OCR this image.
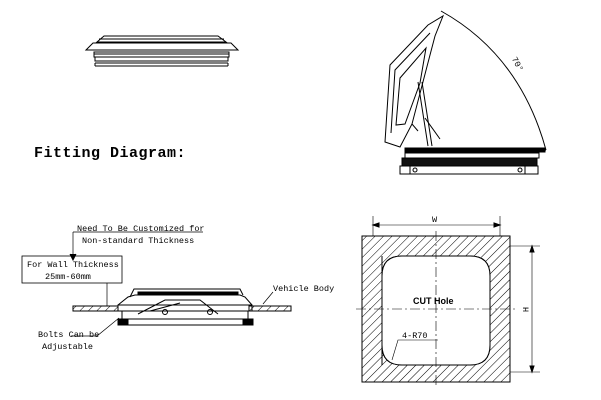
70°
Fitting Diagram:
Need To Be Customized for
Non-standard Thickness
For Wall Thickness
25mm-60mm
Vehicle Body
Bolts Can be
Adjustable
CUT Hole
W
H
4-R70
